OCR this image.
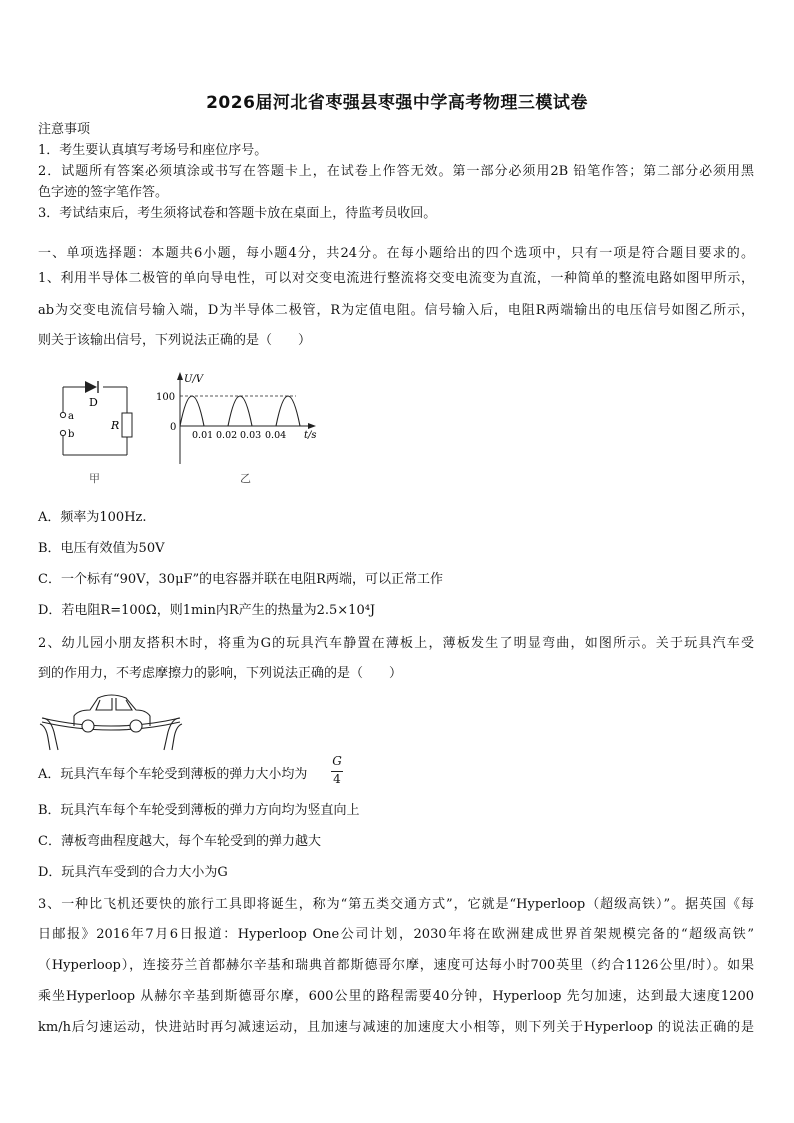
2026届河北省枣强县枣强中学高考物理三模试卷
注意事项
1．考生要认真填写考场号和座位序号。
2．试题所有答案必须填涂或书写在答题卡上，在试卷上作答无效。第一部分必须用2B 铅笔作答；第二部分必须用黑
色字迹的签字笔作答。
3．考试结束后，考生须将试卷和答题卡放在桌面上，待监考员收回。
一、单项选择题：本题共6小题，每小题4分，共24分。在每小题给出的四个选项中，只有一项是符合题目要求的。
1、利用半导体二极管的单向导电性，可以对交变电流进行整流将交变电流变为直流，一种简单的整流电路如图甲所示，
ab为交变电流信号输入端，D为半导体二极管，R为定值电阻。信号输入后，电阻R两端输出的电压信号如图乙所示，
则关于该输出信号，下列说法正确的是（　　）
D
a
b
R
甲
U/V
100
0
0.01 0.02 0.03 0.04 t/s
乙
A．频率为100Hz.
B．电压有效值为50V
C．一个标有“90V，30μF”的电容器并联在电阻R两端，可以正常工作
D．若电阻R=100Ω，则1min内R产生的热量为2.5×10⁴J
2、幼儿园小朋友搭积木时，将重为G的玩具汽车静置在薄板上，薄板发生了明显弯曲，如图所示。关于玩具汽车受
到的作用力，不考虑摩擦力的影响，下列说法正确的是（　　）
A．玩具汽车每个车轮受到薄板的弹力大小均为
G
4
B．玩具汽车每个车轮受到薄板的弹力方向均为竖直向上
C．薄板弯曲程度越大，每个车轮受到的弹力越大
D．玩具汽车受到的合力大小为G
3、一种比飞机还要快的旅行工具即将诞生，称为“第五类交通方式”，它就是“Hyperloop（超级高铁）”。据英国《每
日邮报》2016年7月6日报道：Hyperloop One公司计划，2030年将在欧洲建成世界首架规模完备的“超级高铁”
（Hyperloop），连接芬兰首都赫尔辛基和瑞典首都斯德哥尔摩，速度可达每小时700英里（约合1126公里/时）。如果
乘坐Hyperloop 从赫尔辛基到斯德哥尔摩，600公里的路程需要40分钟，Hyperloop 先匀加速，达到最大速度1200
km/h后匀速运动，快进站时再匀减速运动，且加速与减速的加速度大小相等，则下列关于Hyperloop 的说法正确的是
